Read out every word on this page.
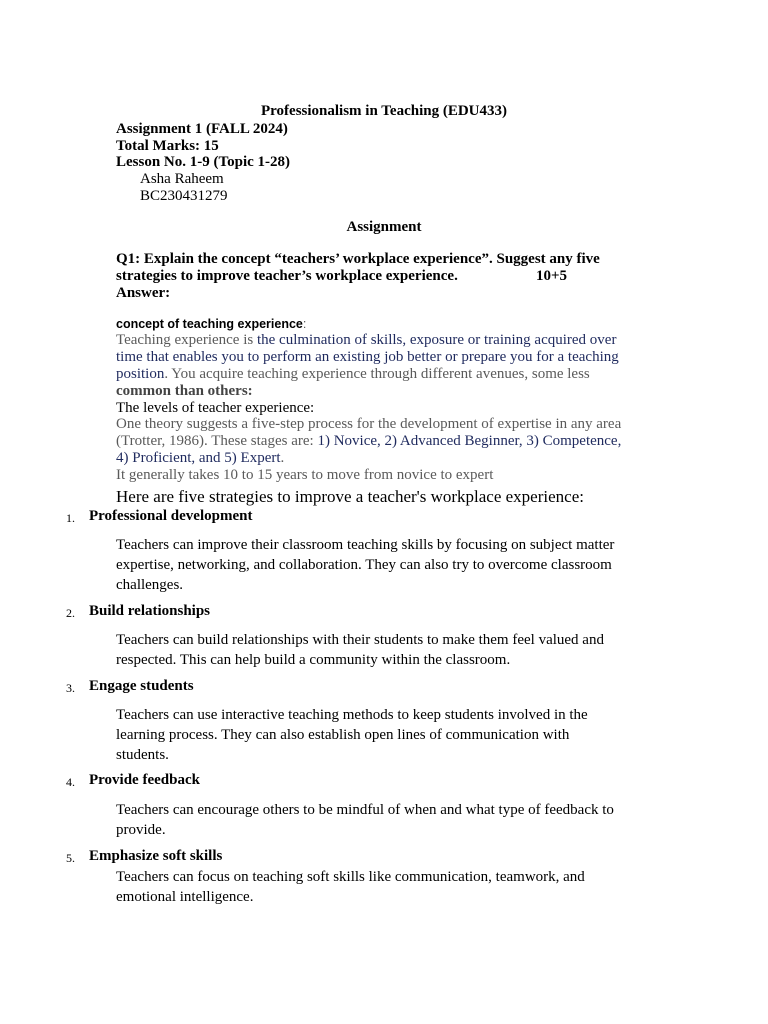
Professionalism in Teaching (EDU433)
Assignment 1 (FALL 2024)
Total Marks: 15
Lesson No. 1-9 (Topic 1-28)
Asha Raheem
BC230431279
Assignment
Q1: Explain the concept “teachers’ workplace experience”. Suggest any five
strategies to improve teacher’s workplace experience.	10+5
Answer:
concept of teaching experience:
Teaching experience is the culmination of skills, exposure or training acquired over
time that enables you to perform an existing job better or prepare you for a teaching
position. You acquire teaching experience through different avenues, some less
common than others:
The levels of teacher experience:
One theory suggests a five-step process for the development of expertise in any area
(Trotter, 1986). These stages are: 1) Novice, 2) Advanced Beginner, 3) Competence,
4) Proficient, and 5) Expert.
It generally takes 10 to 15 years to move from novice to expert
Here are five strategies to improve a teacher's workplace experience:
1. Professional development
Teachers can improve their classroom teaching skills by focusing on subject matter
expertise, networking, and collaboration. They can also try to overcome classroom
challenges.
2. Build relationships
Teachers can build relationships with their students to make them feel valued and
respected. This can help build a community within the classroom.
3. Engage students
Teachers can use interactive teaching methods to keep students involved in the
learning process. They can also establish open lines of communication with
students.
4. Provide feedback
Teachers can encourage others to be mindful of when and what type of feedback to
provide.
5. Emphasize soft skills
Teachers can focus on teaching soft skills like communication, teamwork, and
emotional intelligence.
